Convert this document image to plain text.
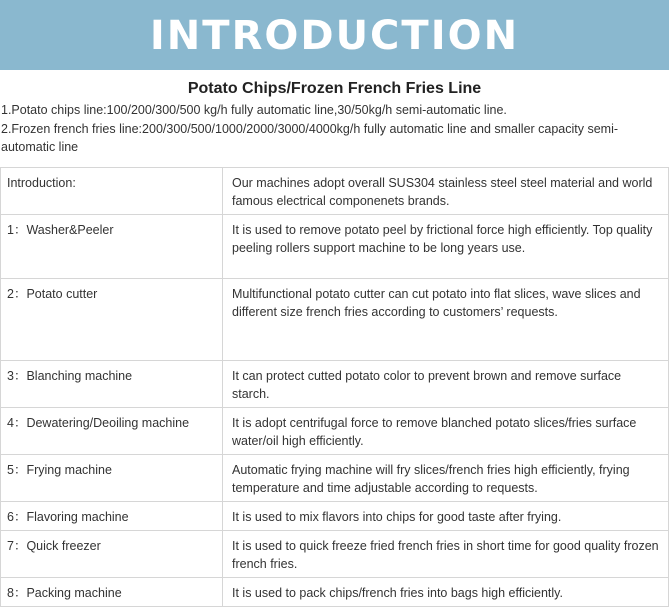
INTRODUCTION
Potato Chips/Frozen French Fries Line
1.Potato chips line:100/200/300/500 kg/h fully automatic line,30/50kg/h semi-automatic line.
2.Frozen french fries line:200/300/500/1000/2000/3000/4000kg/h fully automatic line and smaller capacity semi-automatic line
Introduction:	Our machines adopt overall SUS304 stainless steel steel material and world famous electrical componenets brands.
1：Washer&Peeler	It is used to remove potato peel by frictional force high efficiently. Top quality peeling rollers support machine to be long years use.
2：Potato cutter	Multifunctional potato cutter can cut potato into flat slices, wave slices and different size french fries according to customers’ requests.
3：Blanching machine	It can protect cutted potato color to prevent brown and remove surface starch.
4：Dewatering/Deoiling machine	It is adopt centrifugal force to remove blanched potato slices/fries surface water/oil high efficiently.
5：Frying machine	Automatic frying machine will fry slices/french fries high efficiently, frying temperature and time adjustable according to requests.
6：Flavoring machine	It is used to mix flavors into chips for good taste after frying.
7：Quick freezer	It is used to quick freeze fried french fries in short time for good quality frozen french fries.
8：Packing machine	It is used to pack chips/french fries into bags high efficiently.
